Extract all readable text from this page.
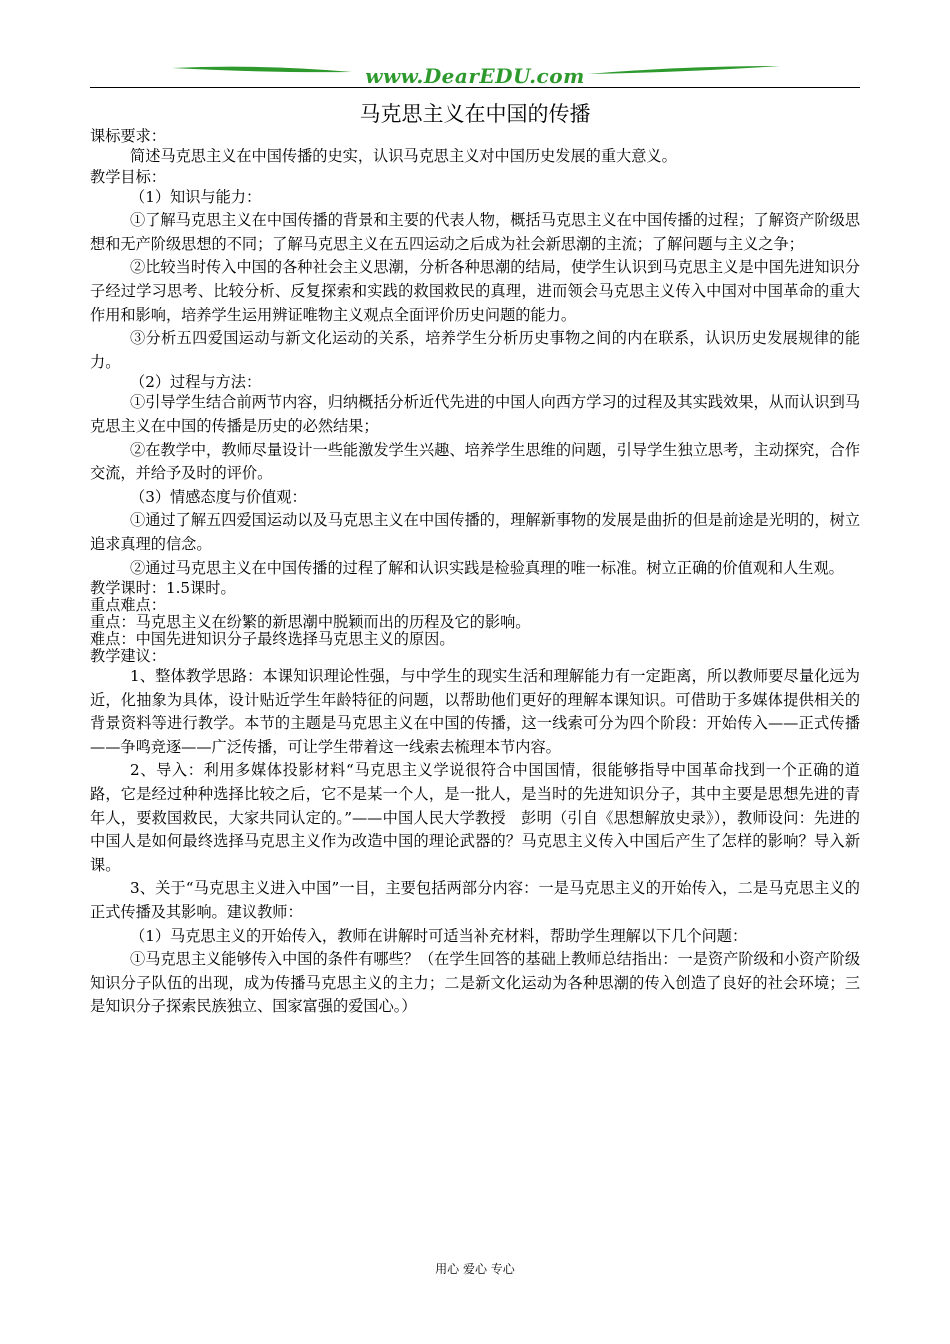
www.DearEDU.com
马克思主义在中国的传播

课标要求：

简述马克思主义在中国传播的史实，认识马克思主义对中国历史发展的重大意义。

教学目标：

（1）知识与能力：

①了解马克思主义在中国传播的背景和主要的代表人物，概括马克思主义在中国传播的过程；了解资产阶级思想和无产阶级思想的不同；了解马克思主义在五四运动之后成为社会新思潮的主流；了解问题与主义之争；

②比较当时传入中国的各种社会主义思潮，分析各种思潮的结局，使学生认识到马克思主义是中国先进知识分子经过学习思考、比较分析、反复探索和实践的救国救民的真理，进而领会马克思主义传入中国对中国革命的重大作用和影响，培养学生运用辨证唯物主义观点全面评价历史问题的能力。

③分析五四爱国运动与新文化运动的关系，培养学生分析历史事物之间的内在联系，认识历史发展规律的能力。

（2）过程与方法：

①引导学生结合前两节内容，归纳概括分析近代先进的中国人向西方学习的过程及其实践效果，从而认识到马克思主义在中国的传播是历史的必然结果；

②在教学中，教师尽量设计一些能激发学生兴趣、培养学生思维的问题，引导学生独立思考，主动探究，合作交流，并给予及时的评价。

（3）情感态度与价值观：

①通过了解五四爱国运动以及马克思主义在中国传播的，理解新事物的发展是曲折的但是前途是光明的，树立追求真理的信念。

②通过马克思主义在中国传播的过程了解和认识实践是检验真理的唯一标准。树立正确的价值观和人生观。

教学课时：1.5课时。

重点难点：

重点：马克思主义在纷繁的新思潮中脱颖而出的历程及它的影响。

难点：中国先进知识分子最终选择马克思主义的原因。

教学建议：

1、整体教学思路：本课知识理论性强，与中学生的现实生活和理解能力有一定距离，所以教师要尽量化远为近，化抽象为具体，设计贴近学生年龄特征的问题，以帮助他们更好的理解本课知识。可借助于多媒体提供相关的背景资料等进行教学。本节的主题是马克思主义在中国的传播，这一线索可分为四个阶段：开始传入——正式传播——争鸣竞逐——广泛传播，可让学生带着这一线索去梳理本节内容。

2、导入：利用多媒体投影材料“马克思主义学说很符合中国国情，很能够指导中国革命找到一个正确的道路，它是经过种种选择比较之后，它不是某一个人，是一批人，是当时的先进知识分子，其中主要是思想先进的青年人，要救国救民，大家共同认定的。”——中国人民大学教授　彭明（引自《思想解放史录》），教师设问：先进的中国人是如何最终选择马克思主义作为改造中国的理论武器的？马克思主义传入中国后产生了怎样的影响？导入新课。

3、关于“马克思主义进入中国”一目，主要包括两部分内容：一是马克思主义的开始传入，二是马克思主义的正式传播及其影响。建议教师：

（1）马克思主义的开始传入，教师在讲解时可适当补充材料，帮助学生理解以下几个问题：

①马克思主义能够传入中国的条件有哪些？（在学生回答的基础上教师总结指出：一是资产阶级和小资产阶级知识分子队伍的出现，成为传播马克思主义的主力；二是新文化运动为各种思潮的传入创造了良好的社会环境；三是知识分子探索民族独立、国家富强的爱国心。）

用心 爱心 专心
